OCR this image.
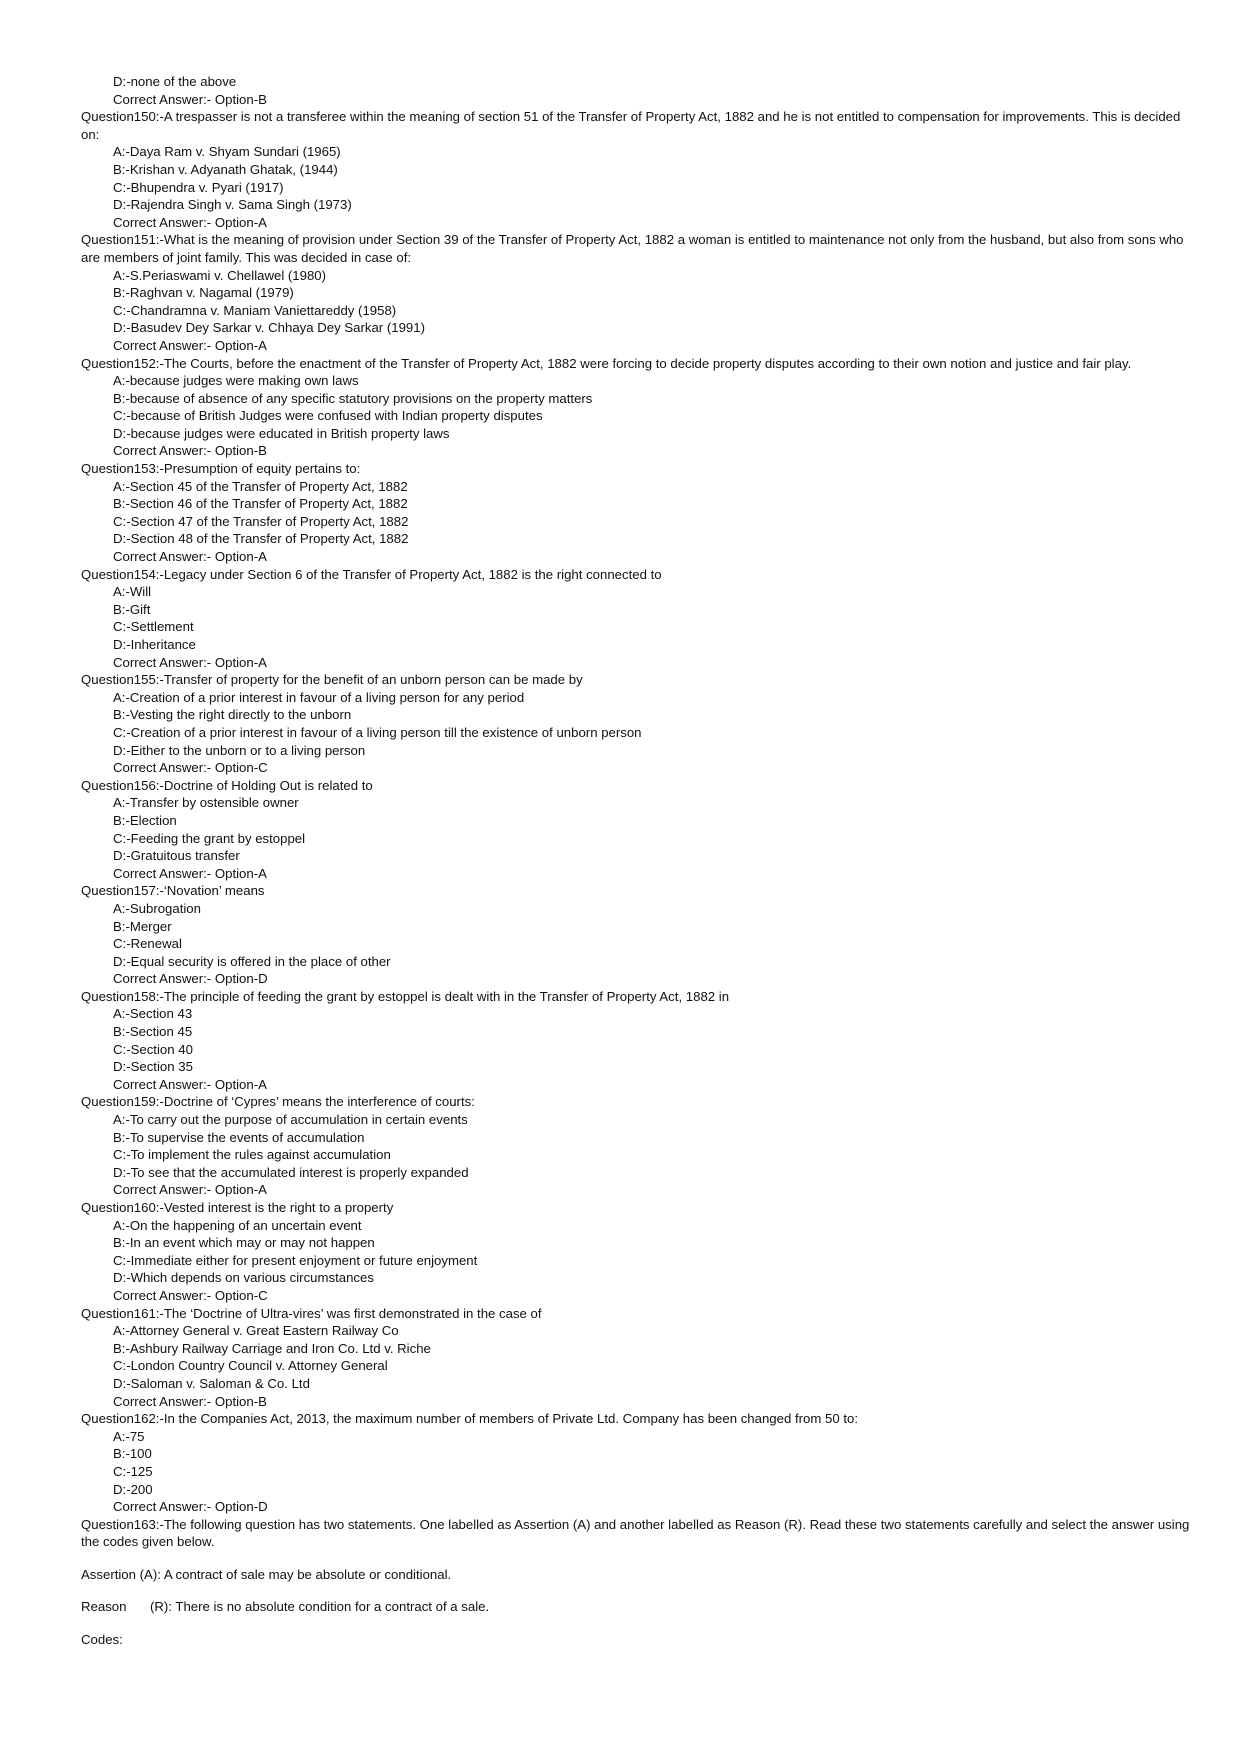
D:-none of the above
Correct Answer:- Option-B
Question150:-A trespasser is not a transferee within the meaning of section 51 of the Transfer of Property Act, 1882 and he is not entitled to compensation for improvements. This is decided on:
A:-Daya Ram v. Shyam Sundari (1965)
B:-Krishan v. Adyanath Ghatak, (1944)
C:-Bhupendra v. Pyari (1917)
D:-Rajendra Singh v. Sama Singh (1973)
Correct Answer:- Option-A
Question151:-What is the meaning of provision under Section 39 of the Transfer of Property Act, 1882 a woman is entitled to maintenance not only from the husband, but also from sons who are members of joint family. This was decided in case of:
A:-S.Periaswami v. Chellawel (1980)
B:-Raghvan v. Nagamal (1979)
C:-Chandramna v. Maniam Vaniettareddy (1958)
D:-Basudev Dey Sarkar v. Chhaya Dey Sarkar (1991)
Correct Answer:- Option-A
Question152:-The Courts, before the enactment of the Transfer of Property Act, 1882 were forcing to decide property disputes according to their own notion and justice and fair play.
A:-because judges were making own laws
B:-because of absence of any specific statutory provisions on the property matters
C:-because of British Judges were confused with Indian property disputes
D:-because judges were educated in British property laws
Correct Answer:- Option-B
Question153:-Presumption of equity pertains to:
A:-Section 45 of the Transfer of Property Act, 1882
B:-Section 46 of the Transfer of Property Act, 1882
C:-Section 47 of the Transfer of Property Act, 1882
D:-Section 48 of the Transfer of Property Act, 1882
Correct Answer:- Option-A
Question154:-Legacy under Section 6 of the Transfer of Property Act, 1882 is the right connected to
A:-Will
B:-Gift
C:-Settlement
D:-Inheritance
Correct Answer:- Option-A
Question155:-Transfer of property for the benefit of an unborn person can be made by
A:-Creation of a prior interest in favour of a living person for any period
B:-Vesting the right directly to the unborn
C:-Creation of a prior interest in favour of a living person till the existence of unborn person
D:-Either to the unborn or to a living person
Correct Answer:- Option-C
Question156:-Doctrine of Holding Out is related to
A:-Transfer by ostensible owner
B:-Election
C:-Feeding the grant by estoppel
D:-Gratuitous transfer
Correct Answer:- Option-A
Question157:-‘Novation’ means
A:-Subrogation
B:-Merger
C:-Renewal
D:-Equal security is offered in the place of other
Correct Answer:- Option-D
Question158:-The principle of feeding the grant by estoppel is dealt with in the Transfer of Property Act, 1882 in
A:-Section 43
B:-Section 45
C:-Section 40
D:-Section 35
Correct Answer:- Option-A
Question159:-Doctrine of ‘Cypres’ means the interference of courts:
A:-To carry out the purpose of accumulation in certain events
B:-To supervise the events of accumulation
C:-To implement the rules against accumulation
D:-To see that the accumulated interest is properly expanded
Correct Answer:- Option-A
Question160:-Vested interest is the right to a property
A:-On the happening of an uncertain event
B:-In an event which may or may not happen
C:-Immediate either for present enjoyment or future enjoyment
D:-Which depends on various circumstances
Correct Answer:- Option-C
Question161:-The ‘Doctrine of Ultra-vires’ was first demonstrated in the case of
A:-Attorney General v. Great Eastern Railway Co
B:-Ashbury Railway Carriage and Iron Co. Ltd v. Riche
C:-London Country Council v. Attorney General
D:-Saloman v. Saloman & Co. Ltd
Correct Answer:- Option-B
Question162:-In the Companies Act, 2013, the maximum number of members of Private Ltd. Company has been changed from 50 to:
A:-75
B:-100
C:-125
D:-200
Correct Answer:- Option-D
Question163:-The following question has two statements. One labelled as Assertion (A) and another labelled as Reason (R). Read these two statements carefully and select the answer using the codes given below.

Assertion (A): A contract of sale may be absolute or conditional.

Reason (R): There is no absolute condition for a contract of a sale.

Codes:
